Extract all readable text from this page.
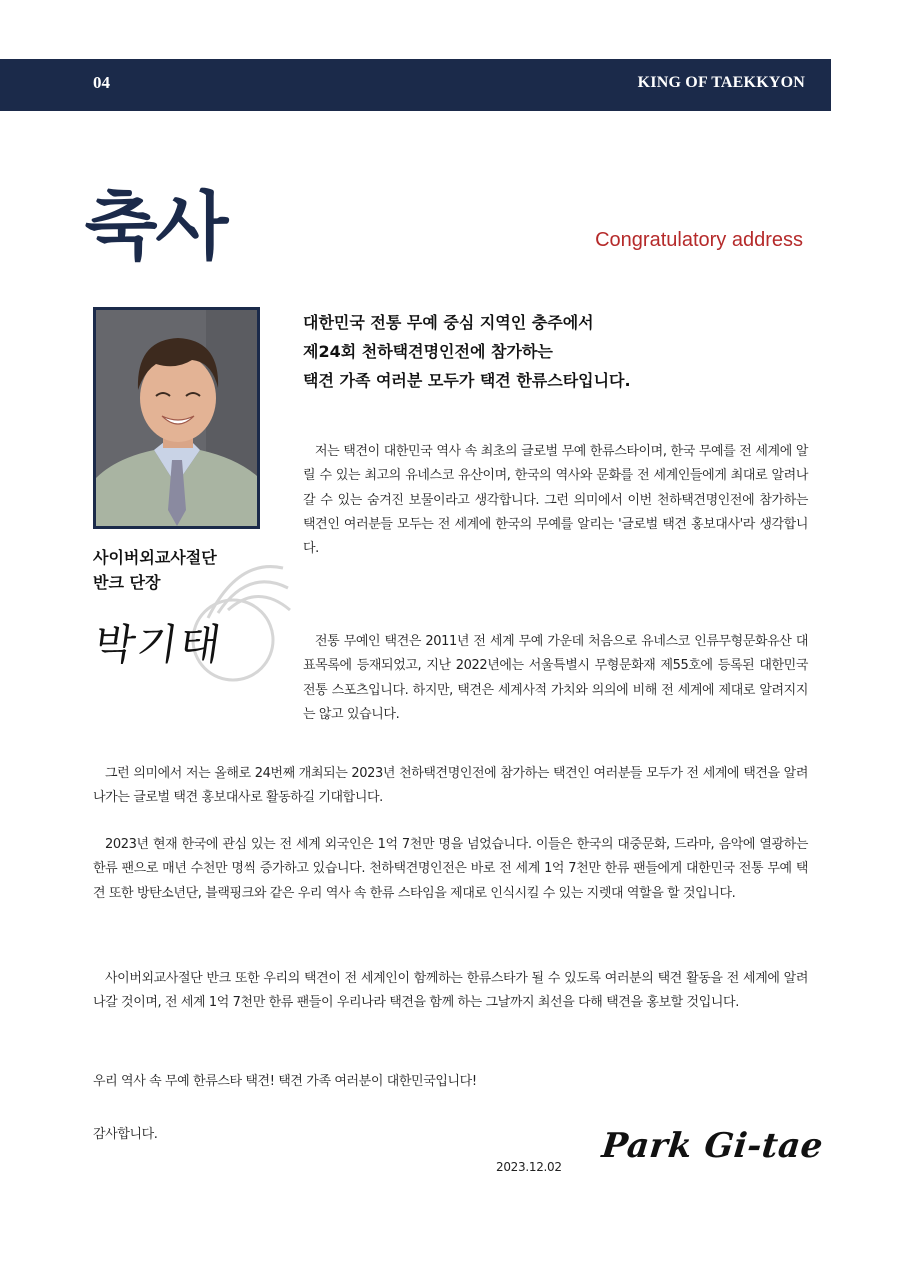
04	KING OF TAEKKYON
축사	Congratulatory address
사이버외교사절단
반크 단장
박기태
대한민국 전통 무예 중심 지역인 충주에서
제24회 천하택견명인전에 참가하는
택견 가족 여러분 모두가 택견 한류스타입니다.

저는 택견이 대한민국 역사 속 최초의 글로벌 무예 한류스타이며, 한국 무예를 전 세계에 알릴 수 있는 최고의 유네스코 유산이며, 한국의 역사와 문화를 전 세계인들에게 최대로 알려나갈 수 있는 숨겨진 보물이라고 생각합니다. 그런 의미에서 이번 천하택견명인전에 참가하는 택견인 여러분들 모두는 전 세계에 한국의 무예를 알리는 '글로벌 택견 홍보대사'라 생각합니다.

전통 무예인 택견은 2011년 전 세계 무예 가운데 처음으로 유네스코 인류무형문화유산 대표목록에 등재되었고, 지난 2022년에는 서울특별시 무형문화재 제55호에 등록된 대한민국 전통 스포츠입니다. 하지만, 택견은 세계사적 가치와 의의에 비해 전 세계에 제대로 알려지지는 않고 있습니다.

그런 의미에서 저는 올해로 24번째 개최되는 2023년 천하택견명인전에 참가하는 택견인 여러분들 모두가 전 세계에 택견을 알려나가는 글로벌 택견 홍보대사로 활동하길 기대합니다.

2023년 현재 한국에 관심 있는 전 세계 외국인은 1억 7천만 명을 넘었습니다. 이들은 한국의 대중문화, 드라마, 음악에 열광하는 한류 팬으로 매년 수천만 명씩 증가하고 있습니다. 천하택견명인전은 바로 전 세계 1억 7천만 한류 팬들에게 대한민국 전통 무예 택견 또한 방탄소년단, 블랙핑크와 같은 우리 역사 속 한류 스타임을 제대로 인식시킬 수 있는 지렛대 역할을 할 것입니다.

사이버외교사절단 반크 또한 우리의 택견이 전 세계인이 함께하는 한류스타가 될 수 있도록 여러분의 택견 활동을 전 세계에 알려나갈 것이며, 전 세계 1억 7천만 한류 팬들이 우리나라 택견을 함께 하는 그날까지 최선을 다해 택견을 홍보할 것입니다.

우리 역사 속 무예 한류스타 택견! 택견 가족 여러분이 대한민국입니다!

감사합니다.

2023.12.02
Park Gi-tae
